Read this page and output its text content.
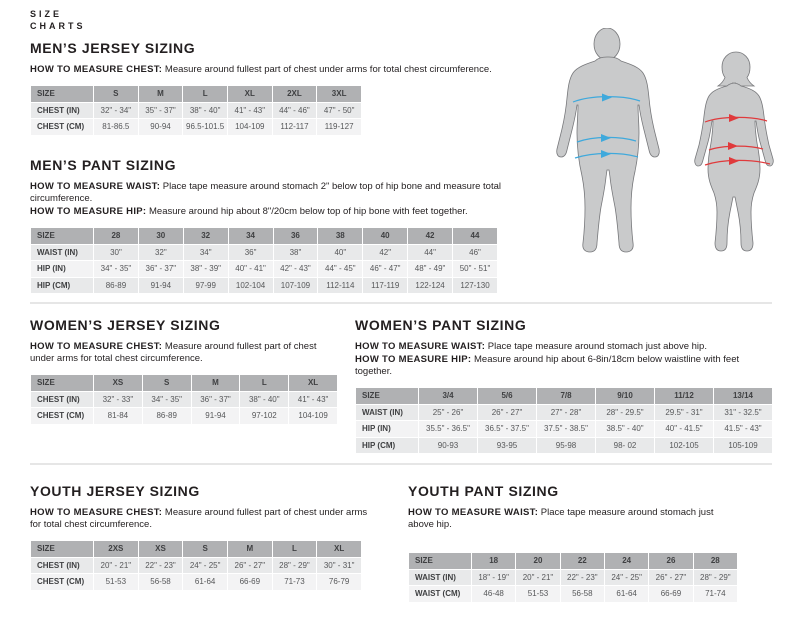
SIZE
CHARTS
MEN’S JERSEY SIZING

HOW TO MEASURE CHEST: Measure around fullest part of chest under arms for total chest circumference.

SIZE	S	M	L	XL	2XL	3XL
CHEST (IN)	32" - 34"	35" - 37"	38" - 40"	41" - 43"	44" - 46"	47" - 50"
CHEST (CM)	81-86.5	90-94	96.5-101.5	104-109	112-117	119-127
MEN’S PANT SIZING

HOW TO MEASURE WAIST: Place tape measure around stomach 2" below top of hip bone and measure total circumference.

HOW TO MEASURE HIP: Measure around hip about 8"/20cm below top of hip bone with feet together.

SIZE	28	30	32	34	36	38	40	42	44
WAIST (IN)	30"	32"	34"	36"	38"	40"	42"	44"	46"
HIP (IN)	34" - 35"	36" - 37"	38" - 39"	40" - 41"	42" - 43"	44" - 45"	46" - 47"	48" - 49"	50" - 51"
HIP (CM)	86-89	91-94	97-99	102-104	107-109	112-114	117-119	122-124	127-130
WOMEN’S JERSEY SIZING

HOW TO MEASURE CHEST: Measure around fullest part of chest under arms for total chest circumference.

SIZE	XS	S	M	L	XL
CHEST (IN)	32" - 33"	34" - 35"	36" - 37"	38" - 40"	41" - 43"
CHEST (CM)	81-84	86-89	91-94	97-102	104-109
WOMEN’S PANT SIZING

HOW TO MEASURE WAIST: Place tape measure around stomach just above hip.

HOW TO MEASURE HIP: Measure around hip about 6-8in/18cm below waistline with feet together.

SIZE	3/4	5/6	7/8	9/10	11/12	13/14
WAIST (IN)	25" - 26"	26" - 27"	27" - 28"	28" - 29.5"	29.5" - 31"	31" - 32.5"
HIP (IN)	35.5" - 36.5"	36.5" - 37.5"	37.5" - 38.5"	38.5" - 40"	40" - 41.5"	41.5" - 43"
HIP (CM)	90-93	93-95	95-98	98- 02	102-105	105-109
YOUTH JERSEY SIZING

HOW TO MEASURE CHEST: Measure around fullest part of chest under arms for total chest circumference.

SIZE	2XS	XS	S	M	L	XL
CHEST (IN)	20" - 21"	22" - 23"	24" - 25"	26" - 27"	28" - 29"	30" - 31"
CHEST (CM)	51-53	56-58	61-64	66-69	71-73	76-79
YOUTH PANT SIZING

HOW TO MEASURE WAIST: Place tape measure around stomach just above hip.

SIZE	18	20	22	24	26	28
WAIST (IN)	18" - 19"	20" - 21"	22" - 23"	24" - 25"	26" - 27"	28" - 29"
WAIST (CM)	46-48	51-53	56-58	61-64	66-69	71-74
